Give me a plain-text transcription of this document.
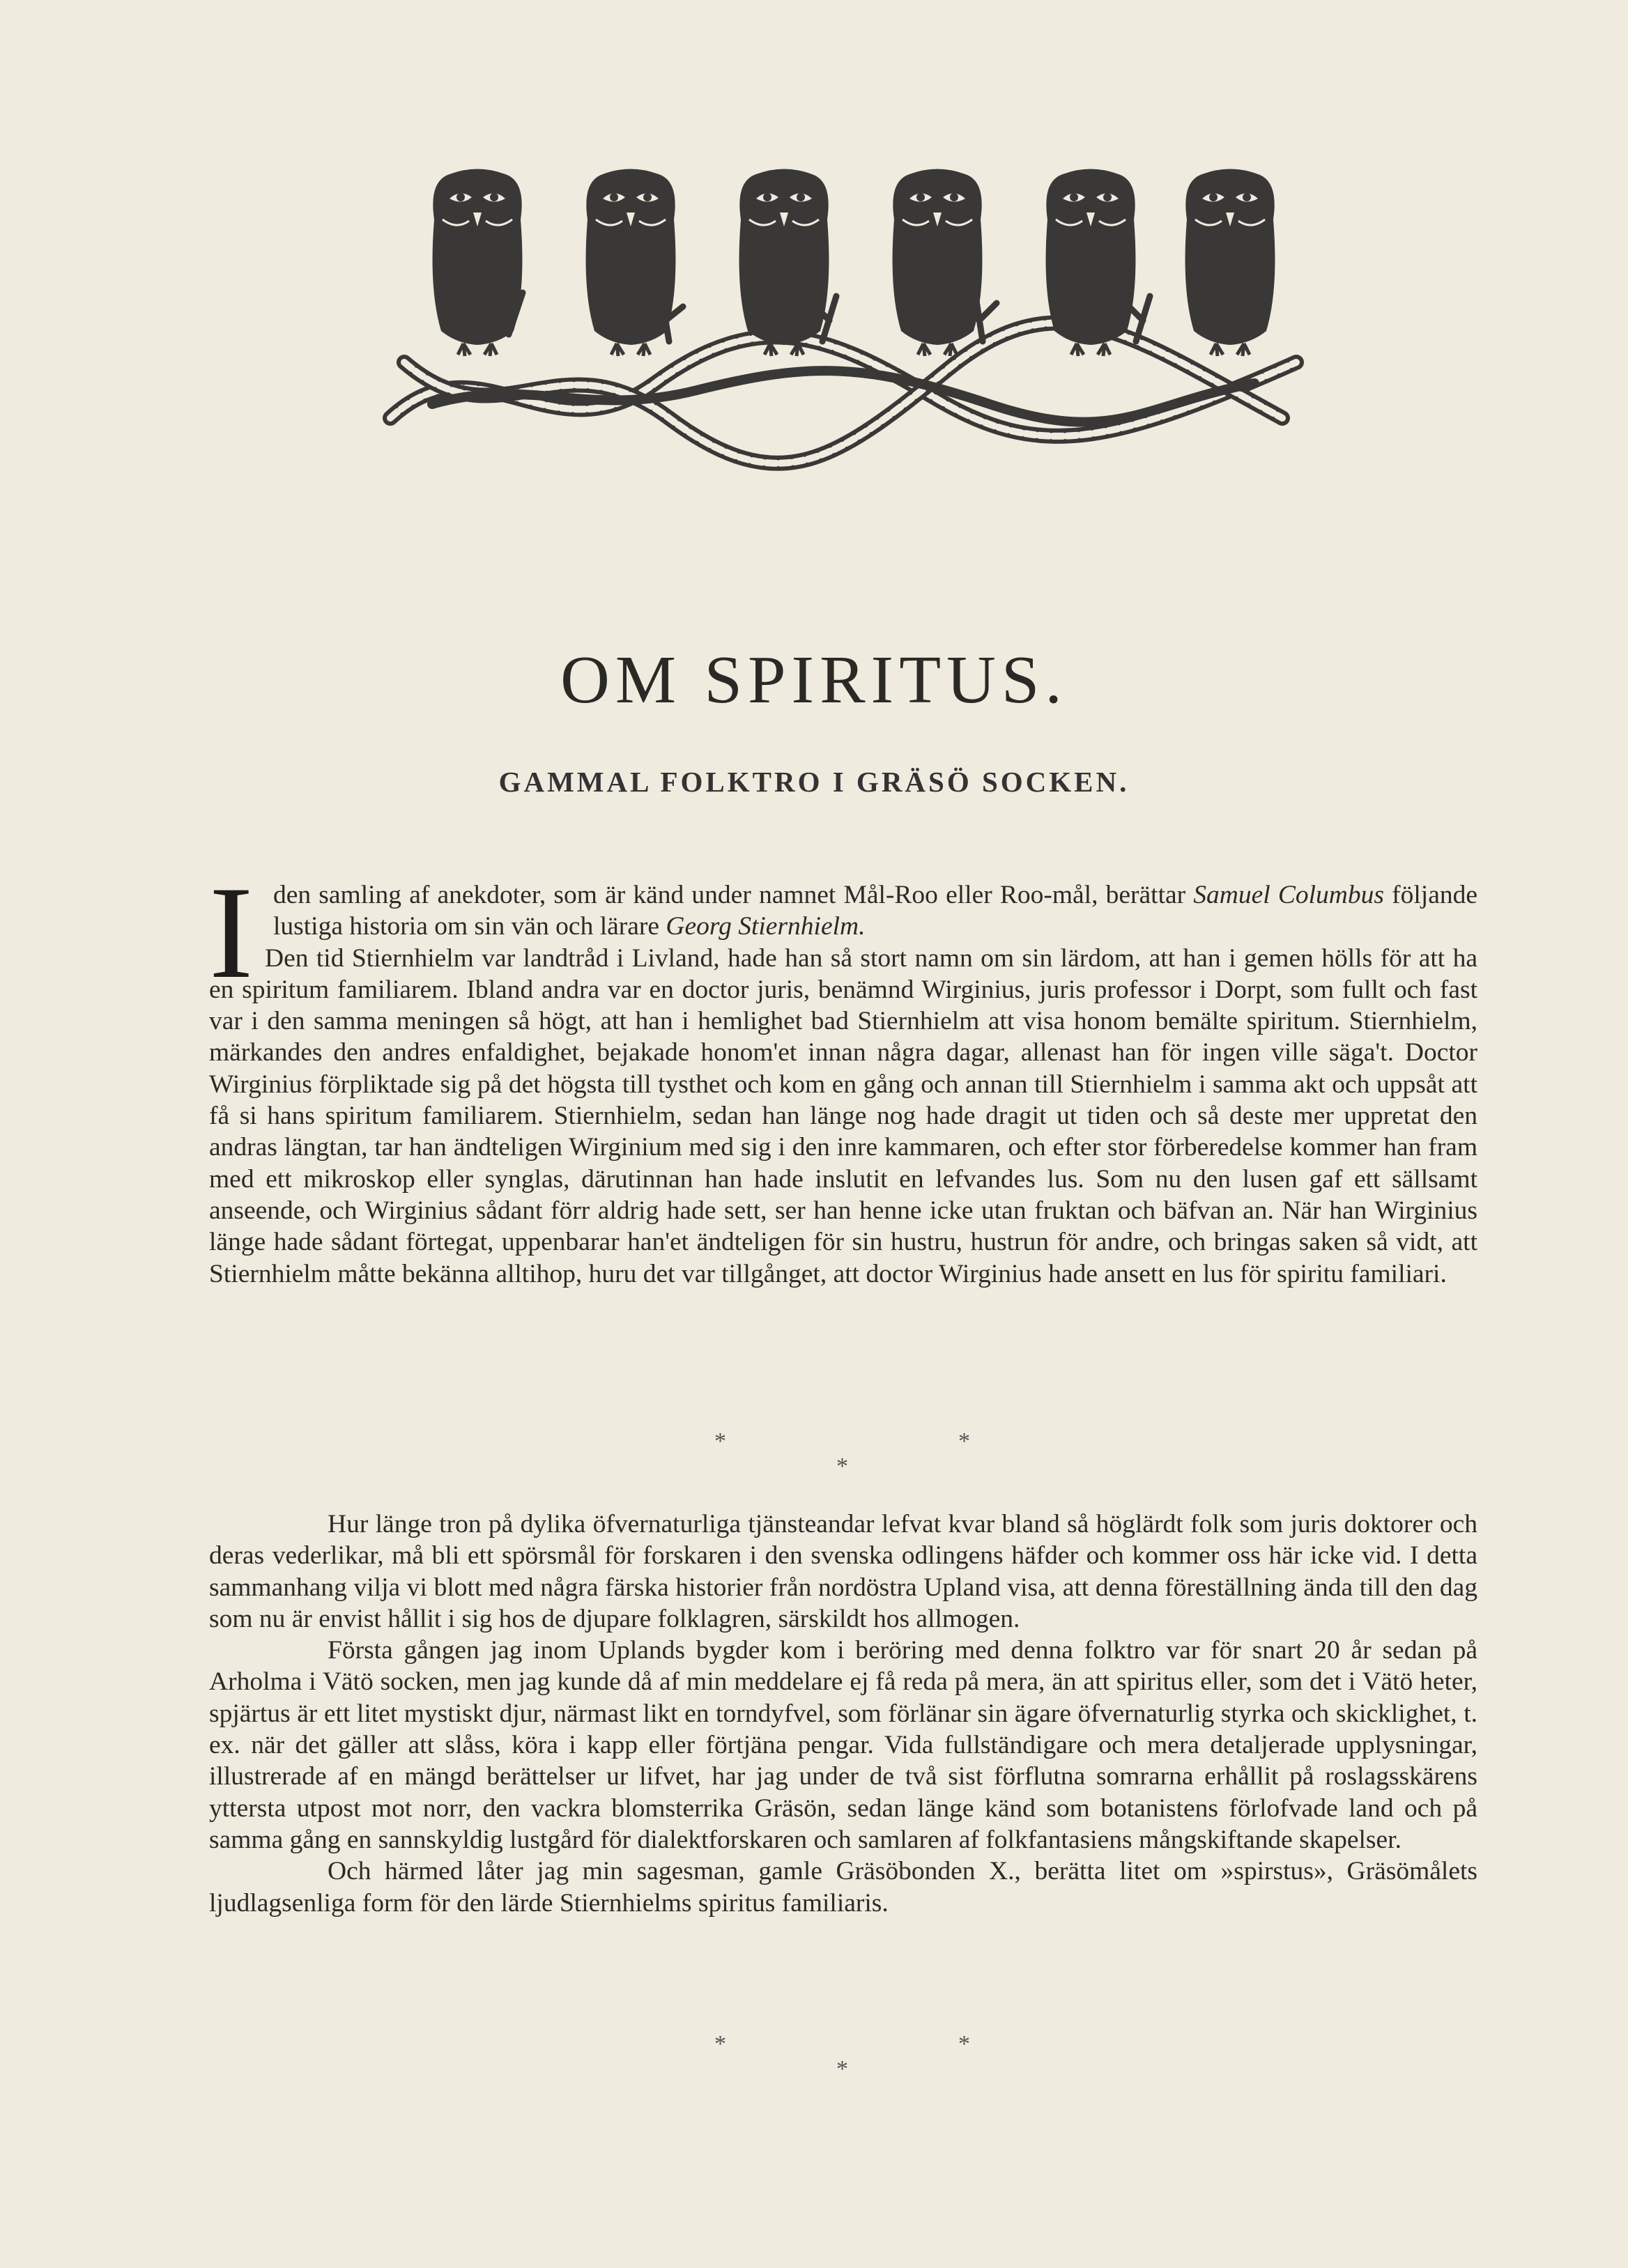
OM SPIRITUS.
GAMMAL FOLKTRO I GRÄSÖ SOCKEN.
I den samling af anekdoter, som är känd under namnet Mål-Roo eller Roo-mål, berättar Samuel Columbus följande lustiga historia om sin vän och lärare Georg Stiernhielm.

Den tid Stiernhielm var landtråd i Livland, hade han så stort namn om sin lärdom, att han i gemen hölls för att ha en spiritum familiarem. Ibland andra var en doctor juris, benämnd Wirginius, juris professor i Dorpt, som fullt och fast var i den samma meningen så högt, att han i hemlighet bad Stiernhielm att visa honom bemälte spiritum. Stiernhielm, märkandes den andres enfaldighet, bejakade honom'et innan några dagar, allenast han för ingen ville säga't. Doctor Wirginius förpliktade sig på det högsta till tysthet och kom en gång och annan till Stiernhielm i samma akt och uppsåt att få si hans spiritum familiarem. Stiernhielm, sedan han länge nog hade dragit ut tiden och så deste mer uppretat den andras längtan, tar han ändteligen Wirginium med sig i den inre kammaren, och efter stor förberedelse kommer han fram med ett mikroskop eller synglas, därutinnan han hade inslutit en lefvandes lus. Som nu den lusen gaf ett sällsamt anseende, och Wirginius sådant förr aldrig hade sett, ser han henne icke utan fruktan och bäfvan an. När han Wirginius länge hade sådant förtegat, uppenbarar han'et ändteligen för sin hustru, hustrun för andre, och bringas saken så vidt, att Stiernhielm måtte bekänna alltihop, huru det var tillgånget, att doctor Wirginius hade ansett en lus för spiritu familiari.

*	*
*

Hur länge tron på dylika öfvernaturliga tjänsteandar lefvat kvar bland så höglärdt folk som juris doktorer och deras vederlikar, må bli ett spörsmål för forskaren i den svenska odlingens häfder och kommer oss här icke vid. I detta sammanhang vilja vi blott med några färska historier från nordöstra Upland visa, att denna föreställning ända till den dag som nu är envist hållit i sig hos de djupare folklagren, särskildt hos allmogen.

Första gången jag inom Uplands bygder kom i beröring med denna folktro var för snart 20 år sedan på Arholma i Vätö socken, men jag kunde då af min meddelare ej få reda på mera, än att spiritus eller, som det i Vätö heter, spjärtus är ett litet mystiskt djur, närmast likt en torndyfvel, som förlänar sin ägare öfvernaturlig styrka och skicklighet, t. ex. när det gäller att slåss, köra i kapp eller förtjäna pengar. Vida fullständigare och mera detaljerade upplysningar, illustrerade af en mängd berättelser ur lifvet, har jag under de två sist förflutna somrarna erhållit på roslagsskärens yttersta utpost mot norr, den vackra blomsterrika Gräsön, sedan länge känd som botanistens förlofvade land och på samma gång en sannskyldig lustgård för dialektforskaren och samlaren af folkfantasiens mångskiftande skapelser.

Och härmed låter jag min sagesman, gamle Gräsöbonden X., berätta litet om »spirstus», Gräsömålets ljudlagsenliga form för den lärde Stiernhielms spiritus familiaris.

*	*
*
